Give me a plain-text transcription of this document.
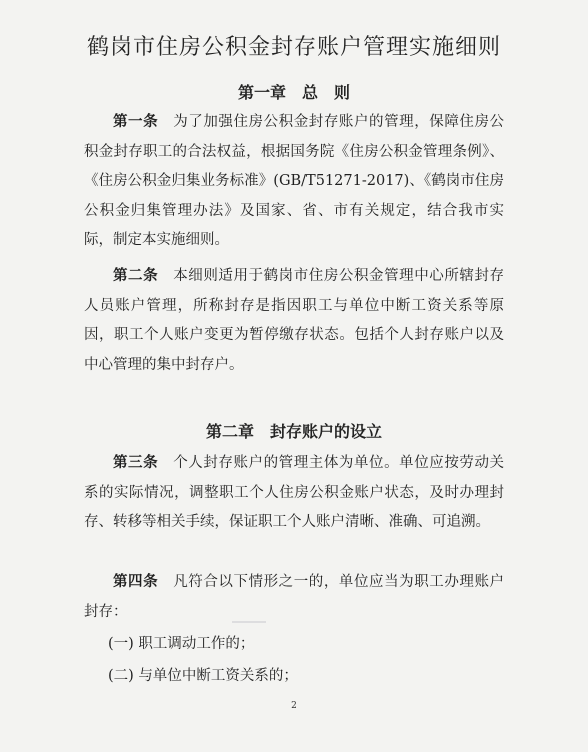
鹤岗市住房公积金封存账户管理实施细则
第一章　总　则
第一条　 为了加强住房公积金封存账户的管理，保障住房公积金封存职工的合法权益，根据国务院《住房公积金管理条例》、《住房公积金归集业务标准》(GB/T51271-2017)、《鹤岗市住房公积金归集管理办法》及国家、省、市有关规定，结合我市实际，制定本实施细则。
第二条　 本细则适用于鹤岗市住房公积金管理中心所辖封存人员账户管理，所称封存是指因职工与单位中断工资关系等原因，职工个人账户变更为暂停缴存状态。包括个人封存账户以及中心管理的集中封存户。
第二章　封存账户的设立
第三条　 个人封存账户的管理主体为单位。单位应按劳动关系的实际情况，调整职工个人住房公积金账户状态，及时办理封存、转移等相关手续，保证职工个人账户清晰、准确、可追溯。
第四条　 凡符合以下情形之一的，单位应当为职工办理账户封存：
(一) 职工调动工作的；
(二) 与单位中断工资关系的；
2
